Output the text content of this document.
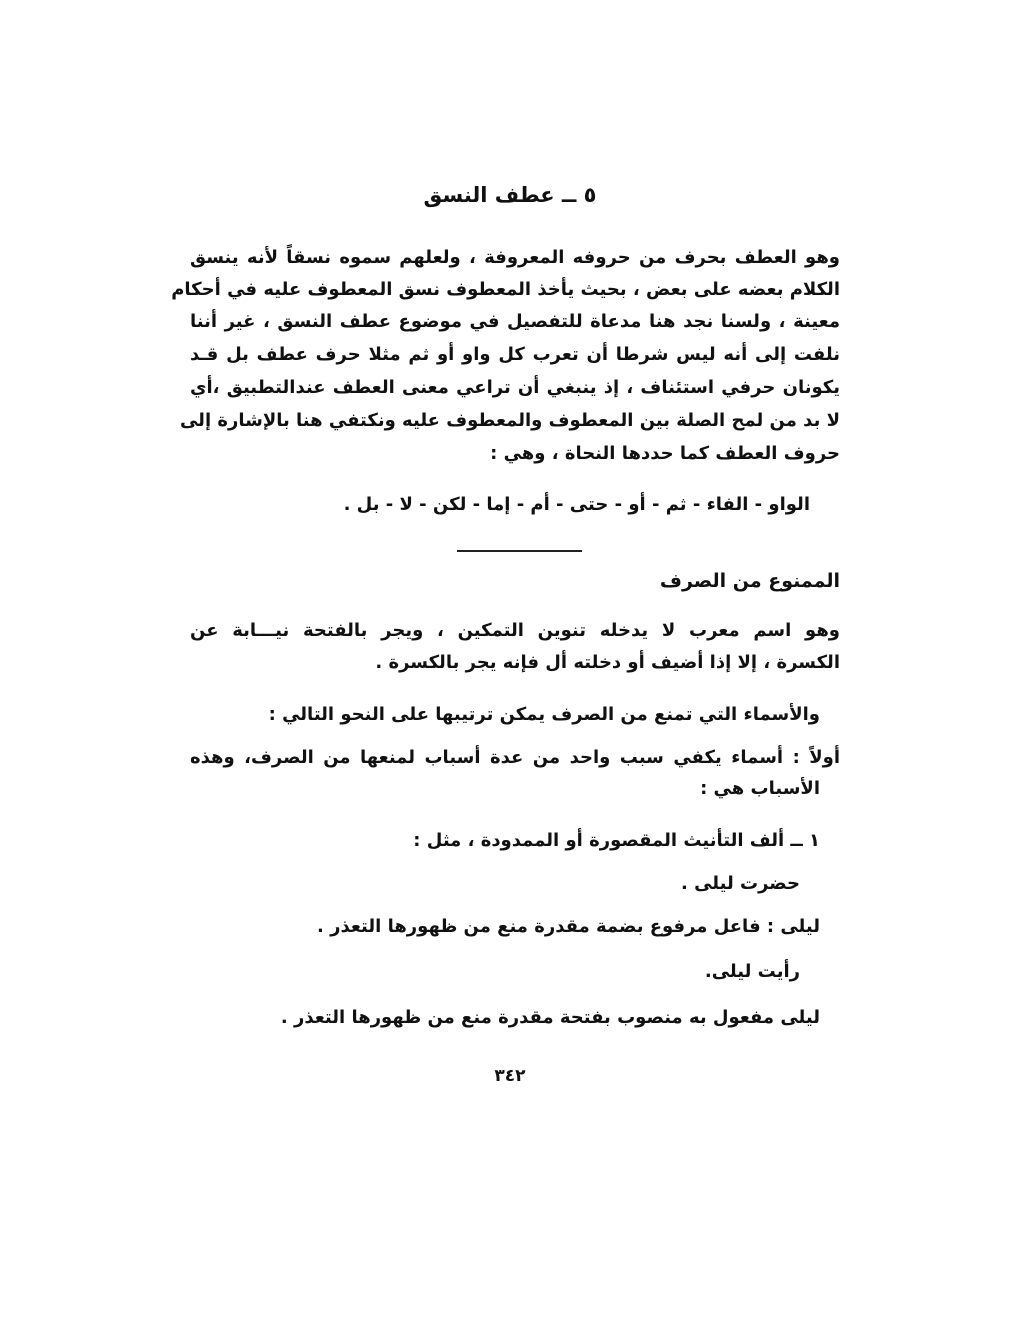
٥ ــ عطف النسق
وهو العطف بحرف من حروفه المعروفة ، ولعلهم سموه نسقاً لأنه ينسق
الكلام بعضه على بعض ، بحيث يأخذ المعطوف نسق المعطوف عليه في أحكام
معينة ، ولسنا نجد هنا مدعاة للتفصيل في موضوع عطف النسق ، غير أننا
نلفت إلى أنه ليس شرطا أن تعرب كل واو أو ثم مثلا حرف عطف بل قـد
يكونان حرفي استئناف ، إذ ينبغي أن تراعي معنى العطف عندالتطبيق ،أي
لا بد من لمح الصلة بين المعطوف والمعطوف عليه ونكتفي هنا بالإشارة إلى
حروف العطف كما حددها النحاة ، وهي :
الواو - الفاء - ثم - أو - حتى - أم - إما - لكن - لا - بل .
الممنوع من الصرف
وهو اسم معرب لا يدخله تنوين التمكين ، ويجر بالفتحة نيـــابة عن
الكسرة ، إلا إذا أضيف أو دخلته أل فإنه يجر بالكسرة .
والأسماء التي تمنع من الصرف يمكن ترتيبها على النحو التالي :
أولاً : أسماء يكفي سبب واحد من عدة أسباب لمنعها من الصرف، وهذه
الأسباب هي :
١ ــ ألف التأنيث المقصورة أو الممدودة ، مثل :
حضرت ليلى .
ليلى : فاعل مرفوع بضمة مقدرة منع من ظهورها التعذر .
رأيت ليلى.
ليلى مفعول به منصوب بفتحة مقدرة منع من ظهورها التعذر .
٣٤٢
